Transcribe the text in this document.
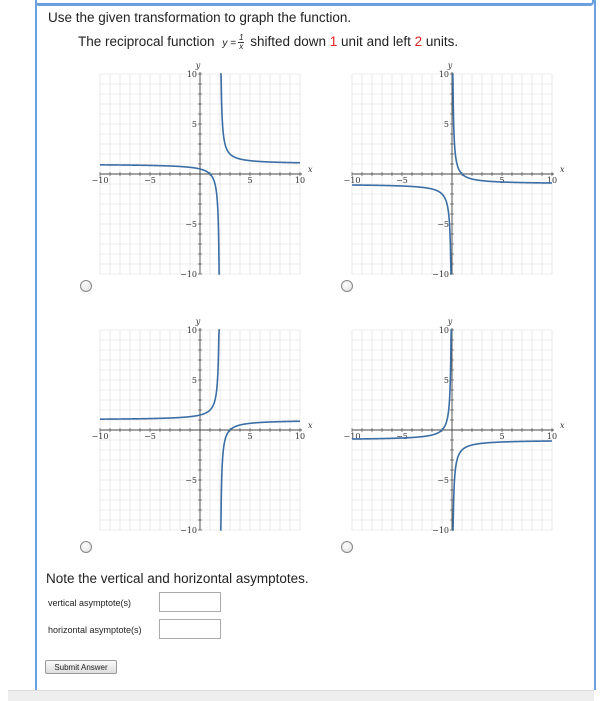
Use the given transformation to graph the function.
The reciprocal function $y = \frac{1}{x}$ shifted down 1 unit and left 2 units.
−10	−5	5	10
5
−5
10
−10
x
y
−10	−5	5	10
5
−5
10
−10
x
y
−10	−5	5	10
5
−5
10
−10
x
y
−10	−5	5	10
5
−5
10
−10
x
y
Note the vertical and horizontal asymptotes.
vertical asymptote(s)
horizontal asymptote(s)
Submit Answer
